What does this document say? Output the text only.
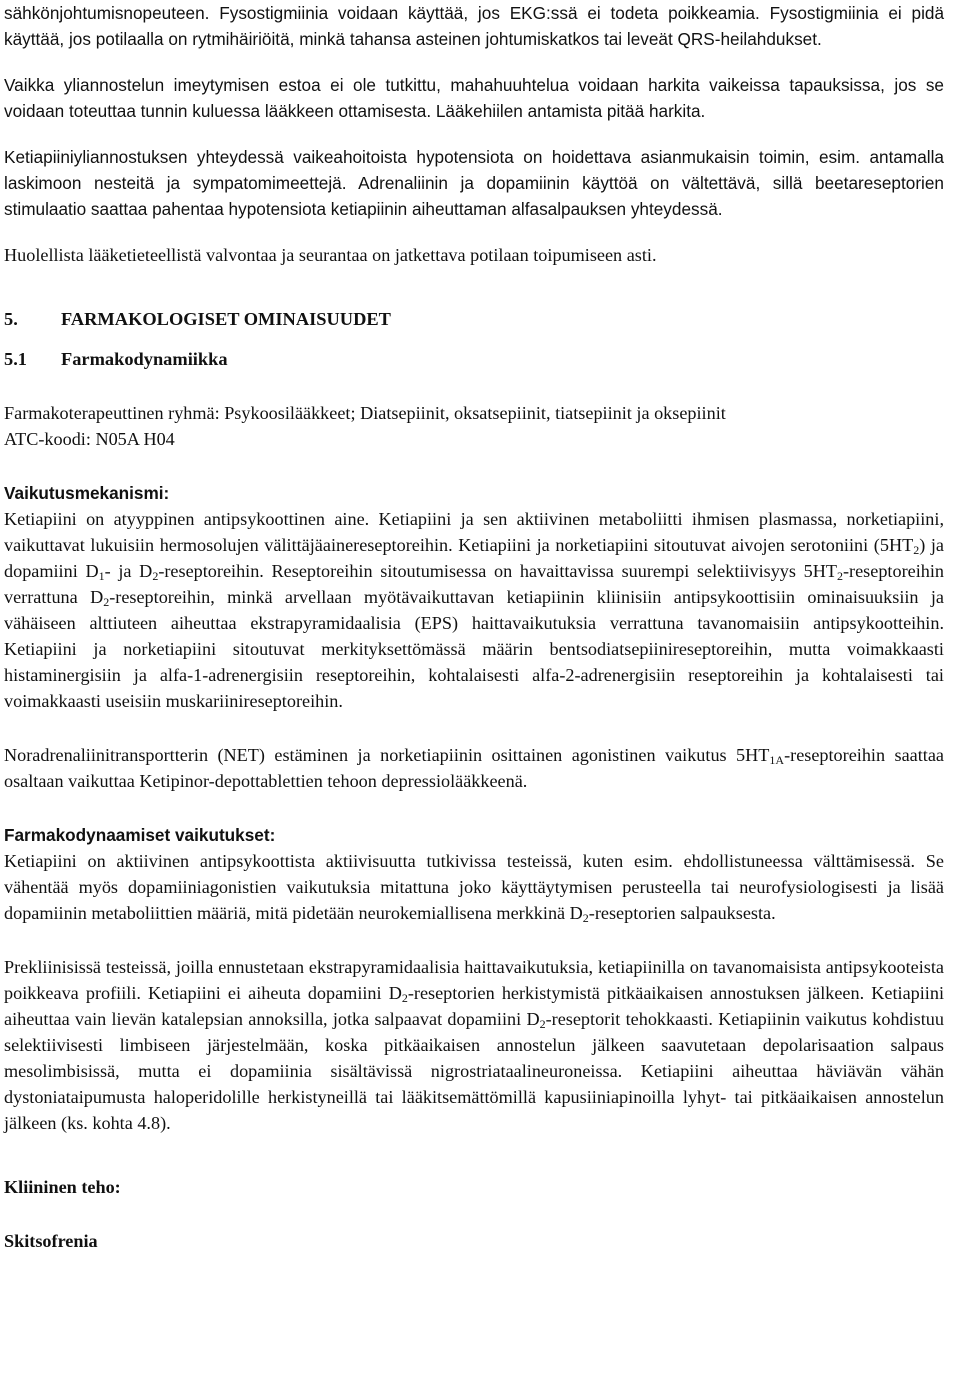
sähkönjohtumisnopeuteen. Fysostigmiinia voidaan käyttää, jos EKG:ssä ei todeta poikkeamia. Fysostigmiinia ei pidä käyttää, jos potilaalla on rytmihäiriöitä, minkä tahansa asteinen johtumiskatkos tai leveät QRS-heilahdukset.

Vaikka yliannostelun imeytymisen estoa ei ole tutkittu, mahahuuhtelua voidaan harkita vaikeissa tapauksissa, jos se voidaan toteuttaa tunnin kuluessa lääkkeen ottamisesta. Lääkehiilen antamista pitää harkita.

Ketiapiiniyliannostuksen yhteydessä vaikeahoitoista hypotensiota on hoidettava asianmukaisin toimin, esim. antamalla laskimoon nesteitä ja sympatomimeettejä. Adrenaliinin ja dopamiinin käyttöä on vältettävä, sillä beetareseptorien stimulaatio saattaa pahentaa hypotensiota ketiapiinin aiheuttaman alfasalpauksen yhteydessä.

Huolellista lääketieteellistä valvontaa ja seurantaa on jatkettava potilaan toipumiseen asti.

5. FARMAKOLOGISET OMINAISUUDET
5.1 Farmakodynamiikka

Farmakoterapeuttinen ryhmä: Psykoosilääkkeet; Diatsepiinit, oksatsepiinit, tiatsepiinit ja oksepiinit
ATC-koodi: N05A H04

Vaikutusmekanismi:

Ketiapiini on atyyppinen antipsykoottinen aine. Ketiapiini ja sen aktiivinen metaboliitti ihmisen plasmassa, norketiapiini, vaikuttavat lukuisiin hermosolujen välittäjäainereseptoreihin. Ketiapiini ja norketiapiini sitoutuvat aivojen serotoniini $(5HT_2)$ ja dopamiini $D_1-$ ja $D_2$-reseptoreihin. Reseptoreihin sitoutumisessa on havaittavissa suurempi selektiivisyys $5HT_2$-reseptoreihin verrattuna $D_2$-reseptoreihin, minkä arvellaan myötävaikuttavan ketiapiinin kliinisiin antipsykoottisiin ominaisuuksiin ja vähäiseen alttiuteen aiheuttaa ekstrapyramidaalisia (EPS) haittavaikutuksia verrattuna tavanomaisiin antipsykootteihin. Ketiapiini ja norketiapiini sitoutuvat merkityksettömässä määrin bentsodiatsepiinireseptoreihin, mutta voimakkaasti histaminergisiin ja alfa-1-adrenergisiin reseptoreihin, kohtalaisesti alfa-2-adrenergisiin reseptoreihin ja kohtalaisesti tai voimakkaasti useisiin muskariinireseptoreihin.

Noradrenaliinitransportterin (NET) estäminen ja norketiapiinin osittainen agonistinen vaikutus $5HT_{1A}$-reseptoreihin saattaa osaltaan vaikuttaa Ketipinor-depottablettien tehoon depressiolääkkeenä.

Farmakodynaamiset vaikutukset:

Ketiapiini on aktiivinen antipsykoottista aktiivisuutta tutkivissa testeissä, kuten esim. ehdollistuneessa välttämisessä. Se vähentää myös dopamiiniagonistien vaikutuksia mitattuna joko käyttäytymisen perusteella tai neurofysiologisesti ja lisää dopamiinin metaboliittien määriä, mitä pidetään neurokemiallisena merkkinä $D_2$-reseptorien salpauksesta.

Prekliinisissä testeissä, joilla ennustetaan ekstrapyramidaalisia haittavaikutuksia, ketiapiinilla on tavanomaisista antipsykooteista poikkeava profiili. Ketiapiini ei aiheuta dopamiini $D_2$-reseptorien herkistymistä pitkäaikaisen annostuksen jälkeen. Ketiapiini aiheuttaa vain lievän katalepsian annoksilla, jotka salpaavat dopamiini $D_2$-reseptorit tehokkaasti. Ketiapiinin vaikutus kohdistuu selektiivisesti limbiseen järjestelmään, koska pitkäaikaisen annostelun jälkeen saavutetaan depolarisaation salpaus mesolimbisissä, mutta ei dopamiinia sisältävissä nigrostriataalineuroneissa. Ketiapiini aiheuttaa häviävän vähän dystoniataipumusta haloperidolille herkistyneillä tai lääkitsemättömillä kapusiiniapinoilla lyhyt- tai pitkäaikaisen annostelun jälkeen (ks. kohta 4.8).

Kliininen teho:

Skitsofrenia
